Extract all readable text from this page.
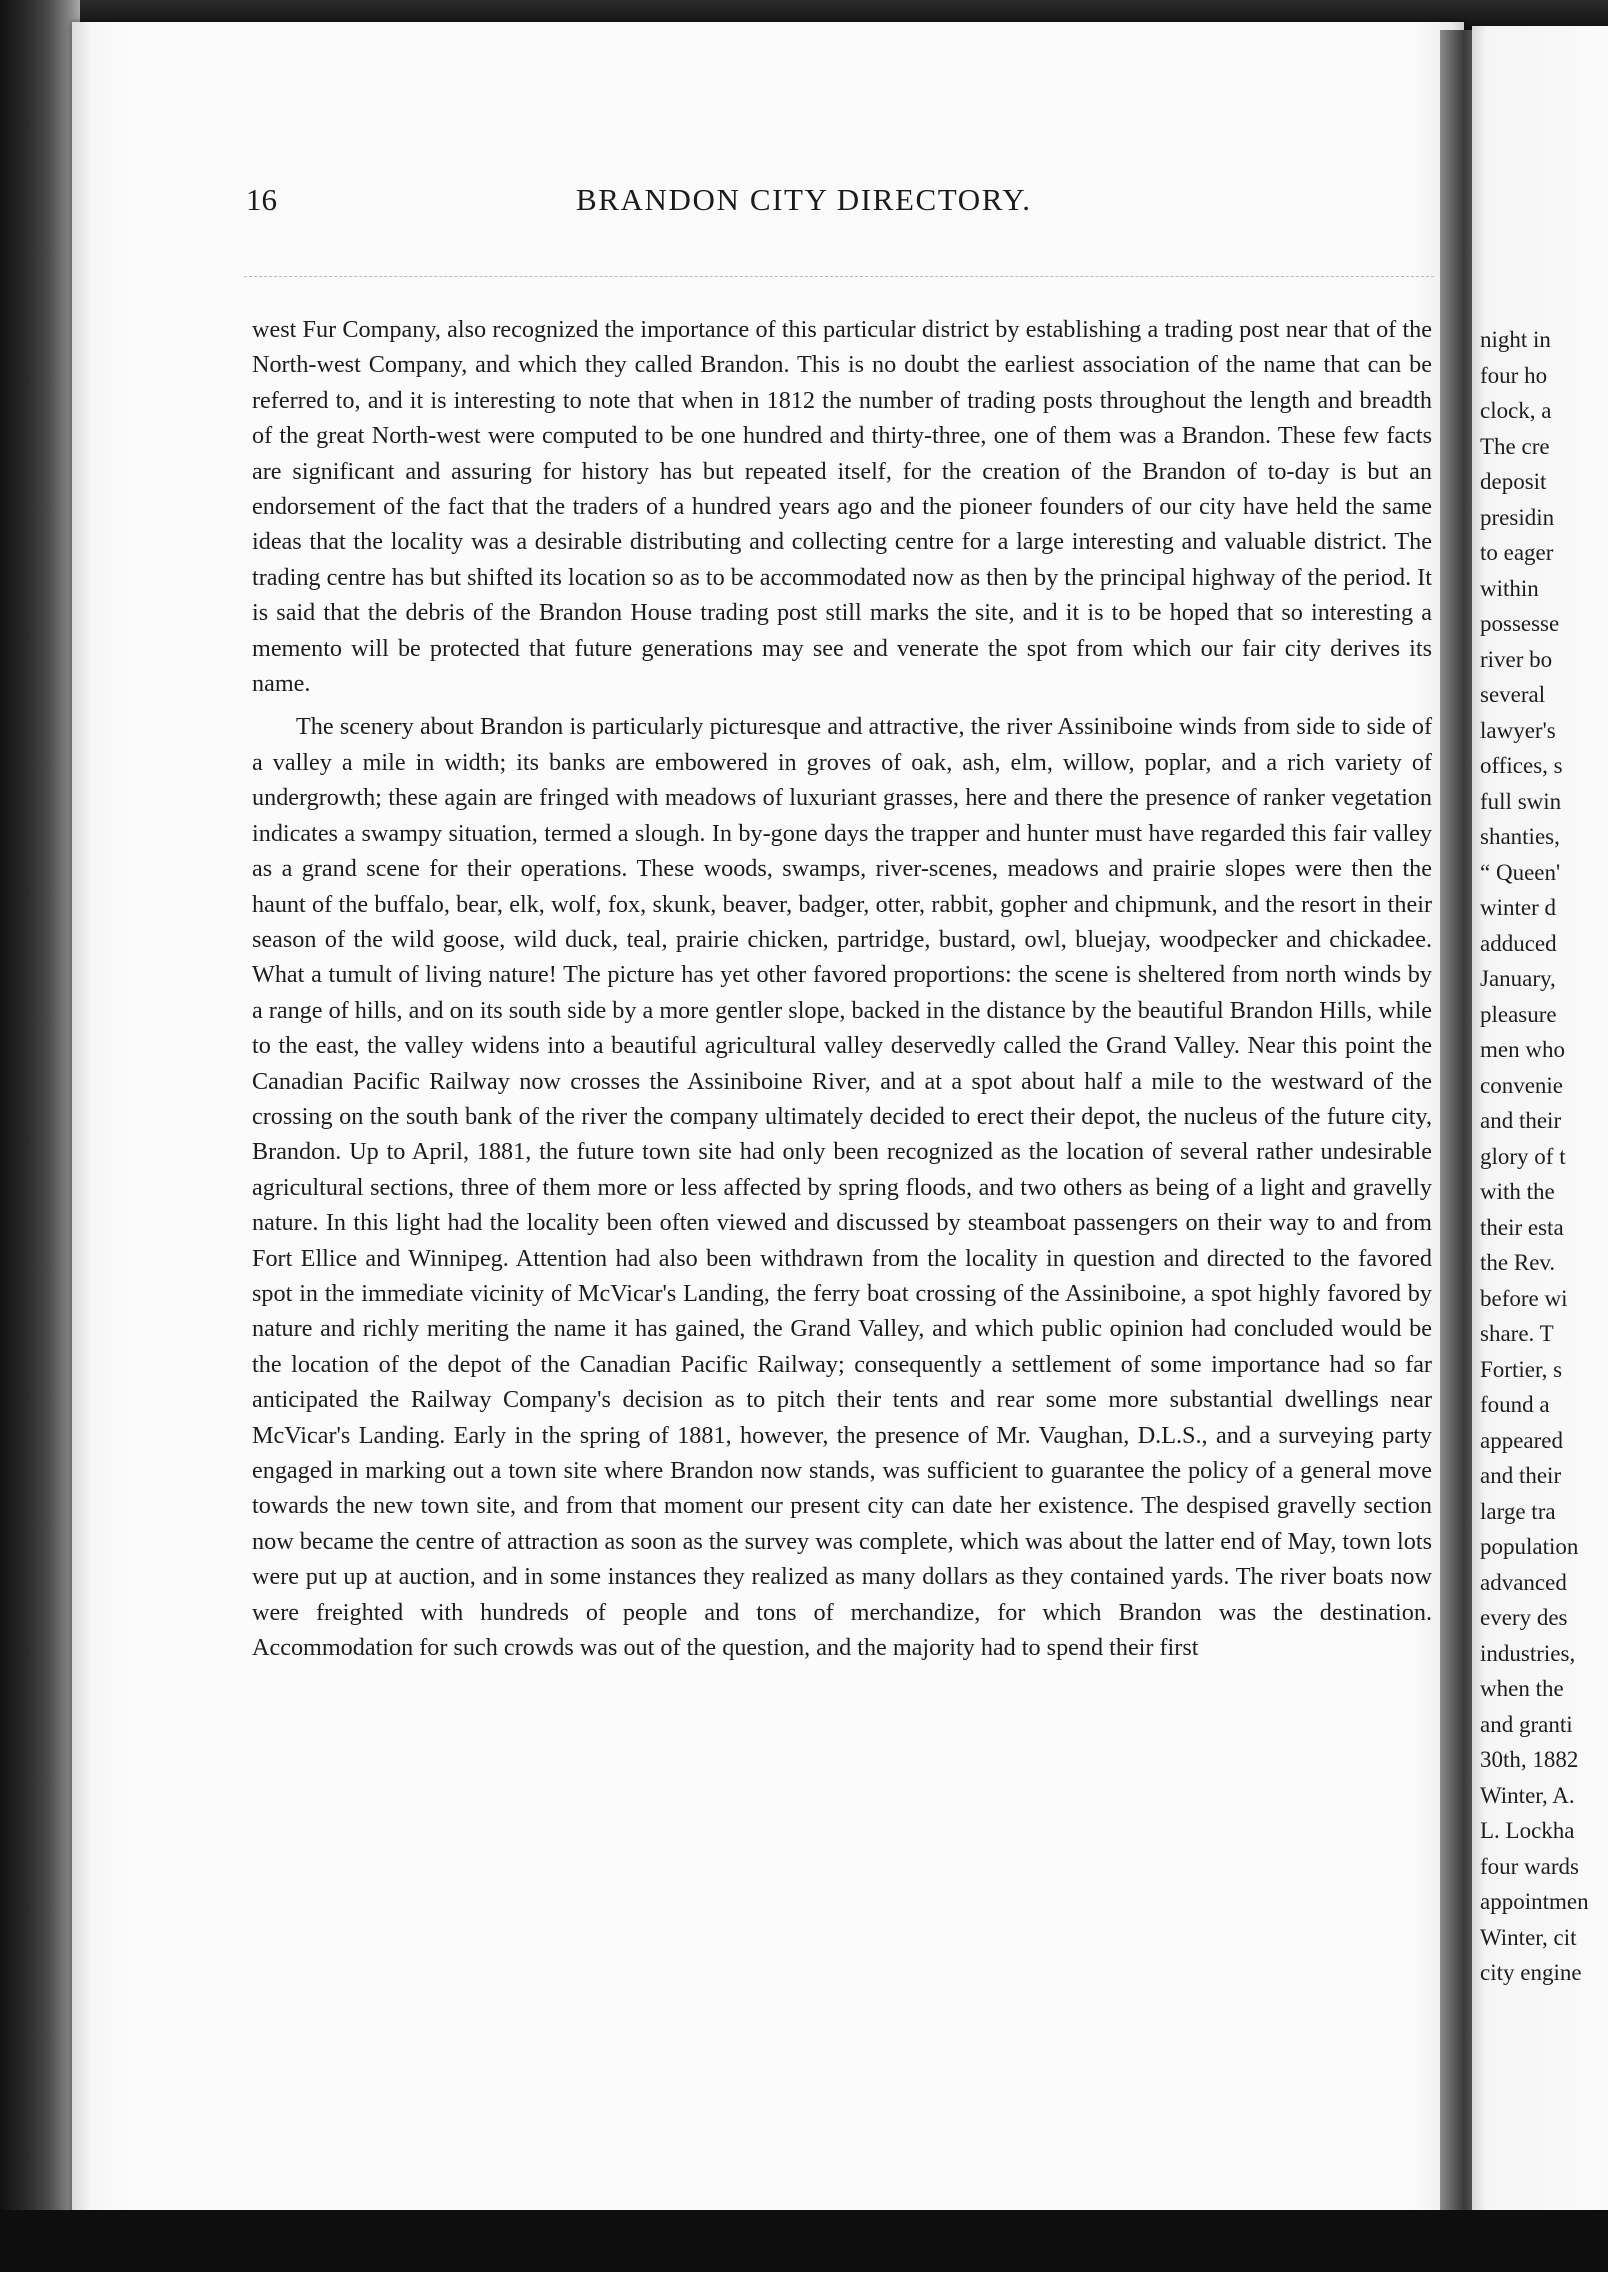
16	BRANDON CITY DIRECTORY.

west Fur Company, also recognized the importance of this particular district by establishing a trading post near that of the North-west Company, and which they called Brandon. This is no doubt the earliest association of the name that can be referred to, and it is interesting to note that when in 1812 the number of trading posts throughout the length and breadth of the great North-west were computed to be one hundred and thirty-three, one of them was a Brandon. These few facts are significant and assuring for history has but repeated itself, for the creation of the Brandon of to-day is but an endorsement of the fact that the traders of a hundred years ago and the pioneer founders of our city have held the same ideas that the locality was a desirable distributing and collecting centre for a large interesting and valuable district. The trading centre has but shifted its location so as to be accommodated now as then by the principal highway of the period. It is said that the debris of the Brandon House trading post still marks the site, and it is to be hoped that so interesting a memento will be protected that future generations may see and venerate the spot from which our fair city derives its name.

The scenery about Brandon is particularly picturesque and attractive, the river Assiniboine winds from side to side of a valley a mile in width; its banks are embowered in groves of oak, ash, elm, willow, poplar, and a rich variety of undergrowth; these again are fringed with meadows of luxuriant grasses, here and there the presence of ranker vegetation indicates a swampy situation, termed a slough. In by-gone days the trapper and hunter must have regarded this fair valley as a grand scene for their operations. These woods, swamps, river-scenes, meadows and prairie slopes were then the haunt of the buffalo, bear, elk, wolf, fox, skunk, beaver, badger, otter, rabbit, gopher and chipmunk, and the resort in their season of the wild goose, wild duck, teal, prairie chicken, partridge, bustard, owl, bluejay, woodpecker and chickadee. What a tumult of living nature! The picture has yet other favored proportions: the scene is sheltered from north winds by a range of hills, and on its south side by a more gentler slope, backed in the distance by the beautiful Brandon Hills, while to the east, the valley widens into a beautiful agricultural valley deservedly called the Grand Valley. Near this point the Canadian Pacific Railway now crosses the Assiniboine River, and at a spot about half a mile to the westward of the crossing on the south bank of the river the company ultimately decided to erect their depot, the nucleus of the future city, Brandon. Up to April, 1881, the future town site had only been recognized as the location of several rather undesirable agricultural sections, three of them more or less affected by spring floods, and two others as being of a light and gravelly nature. In this light had the locality been often viewed and discussed by steamboat passengers on their way to and from Fort Ellice and Winnipeg. Attention had also been withdrawn from the locality in question and directed to the favored spot in the immediate vicinity of McVicar's Landing, the ferry boat crossing of the Assiniboine, a spot highly favored by nature and richly meriting the name it has gained, the Grand Valley, and which public opinion had concluded would be the location of the depot of the Canadian Pacific Railway; consequently a settlement of some importance had so far anticipated the Railway Company's decision as to pitch their tents and rear some more substantial dwellings near McVicar's Landing. Early in the spring of 1881, however, the presence of Mr. Vaughan, D.L.S., and a surveying party engaged in marking out a town site where Brandon now stands, was sufficient to guarantee the policy of a general move towards the new town site, and from that moment our present city can date her existence. The despised gravelly section now became the centre of attraction as soon as the survey was complete, which was about the latter end of May, town lots were put up at auction, and in some instances they realized as many dollars as they contained yards. The river boats now were freighted with hundreds of people and tons of merchandize, for which Brandon was the destination. Accommodation for such crowds was out of the question, and the majority had to spend their first

night in
four ho
clock, a
The cre
deposit
presidin
to eager
within
possesse
river bo
several
lawyer's
offices, s
full swin
shanties,
“ Queen'
winter d
adduced
January,
pleasure
men who
convenie
and their
glory of t
with the
their esta
the Rev.
before wi
share. T
Fortier, s
found a
appeared
and their
large tra
population
advanced
every des
industries,
when the
and granti
30th, 1882
Winter, A.
L. Lockha
four wards
appointmen
Winter, cit
city engine
